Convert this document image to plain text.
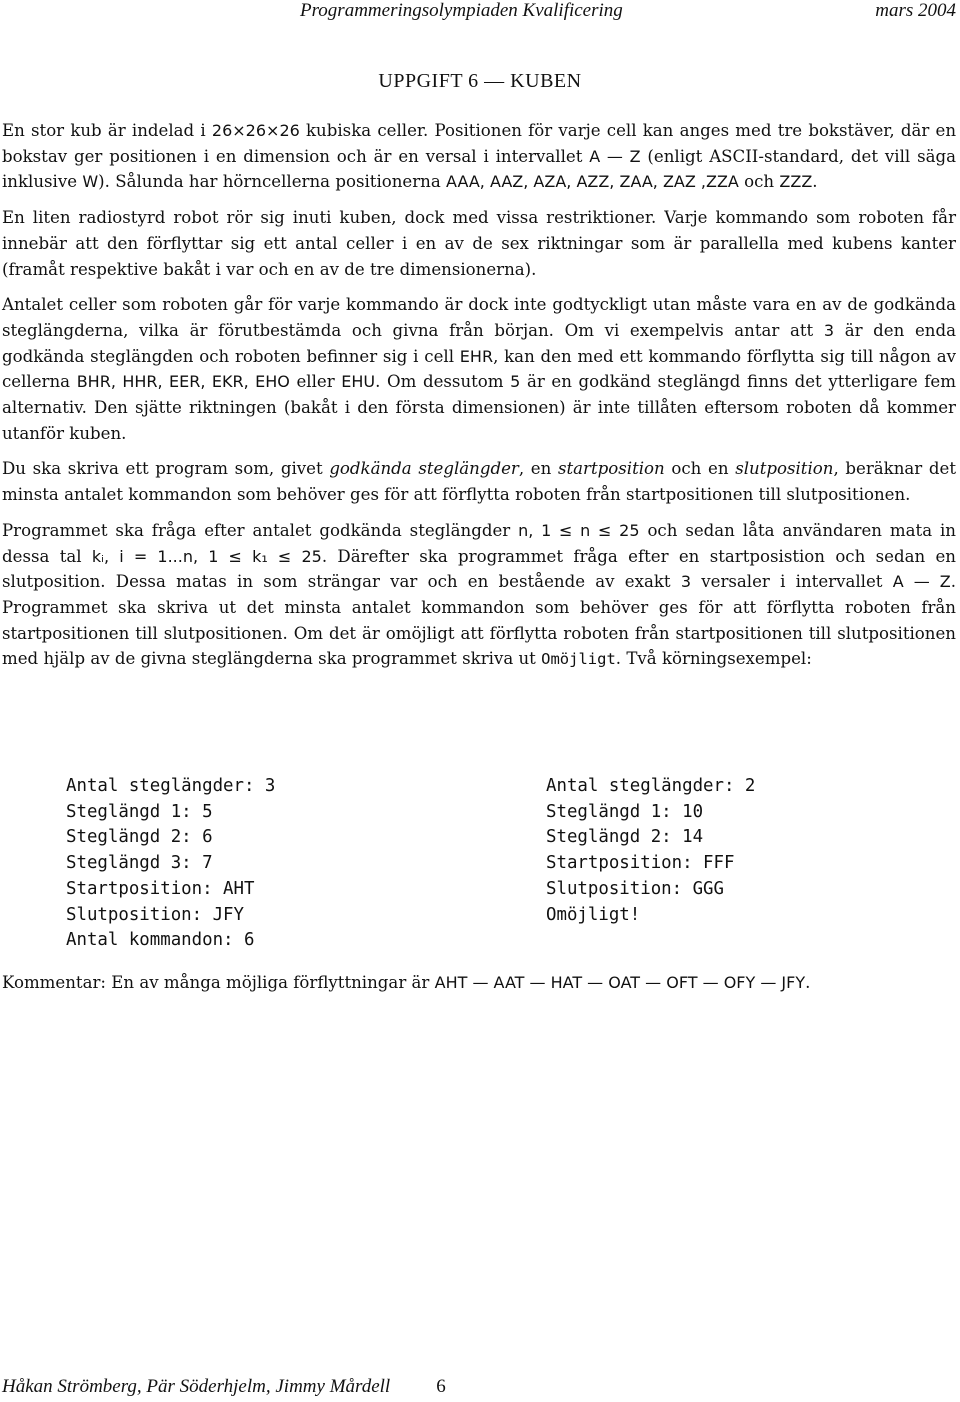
Programmeringsolympiaden Kvalificering	mars 2004
UPPGIFT 6 — KUBEN

En stor kub är indelad i 26×26×26 kubiska celler. Positionen för varje cell kan anges med tre bokstäver, där en bokstav ger positionen i en dimension och är en versal i intervallet A — Z (enligt ASCII-standard, det vill säga inklusive W). Sålunda har hörncellerna positionerna AAA, AAZ, AZA, AZZ, ZAA, ZAZ ,ZZA och ZZZ.

En liten radiostyrd robot rör sig inuti kuben, dock med vissa restriktioner. Varje kommando som roboten får innebär att den förflyttar sig ett antal celler i en av de sex riktningar som är parallella med kubens kanter (framåt respektive bakåt i var och en av de tre dimensionerna).

Antalet celler som roboten går för varje kommando är dock inte godtyckligt utan måste vara en av de godkända steglängderna, vilka är förutbestämda och givna från början. Om vi exempelvis antar att 3 är den enda godkända steglängden och roboten befinner sig i cell EHR, kan den med ett kommando förflytta sig till någon av cellerna BHR, HHR, EER, EKR, EHO eller EHU. Om dessutom 5 är en godkänd steglängd finns det ytterligare fem alternativ. Den sjätte riktningen (bakåt i den första dimensionen) är inte tillåten eftersom roboten då kommer utanför kuben.

Du ska skriva ett program som, givet godkända steglängder, en startposition och en slutposition, beräknar det minsta antalet kommandon som behöver ges för att förflytta roboten från startpositionen till slutpositionen.

Programmet ska fråga efter antalet godkända steglängder n, 1 ≤ n ≤ 25 och sedan låta användaren mata in dessa tal kᵢ, i = 1...n, 1 ≤ k₁ ≤ 25. Därefter ska programmet fråga efter en startposistion och sedan en slutposition. Dessa matas in som strängar var och en bestående av exakt 3 versaler i intervallet A — Z. Programmet ska skriva ut det minsta antalet kommandon som behöver ges för att förflytta roboten från startpositionen till slutpositionen. Om det är omöjligt att förflytta roboten från startpositionen till slutpositionen med hjälp av de givna steglängderna ska programmet skriva ut Omöjligt. Två körningsexempel:

Antal steglängder: 3
Steglängd 1: 5
Steglängd 2: 6
Steglängd 3: 7
Startposition: AHT
Slutposition: JFY
Antal kommandon: 6
Antal steglängder: 2
Steglängd 1: 10
Steglängd 2: 14
Startposition: FFF
Slutposition: GGG
Omöjligt!
Kommentar: En av många möjliga förflyttningar är AHT — AAT — HAT — OAT — OFT — OFY — JFY.
Håkan Strömberg, Pär Söderhjelm, Jimmy Mårdell 6
